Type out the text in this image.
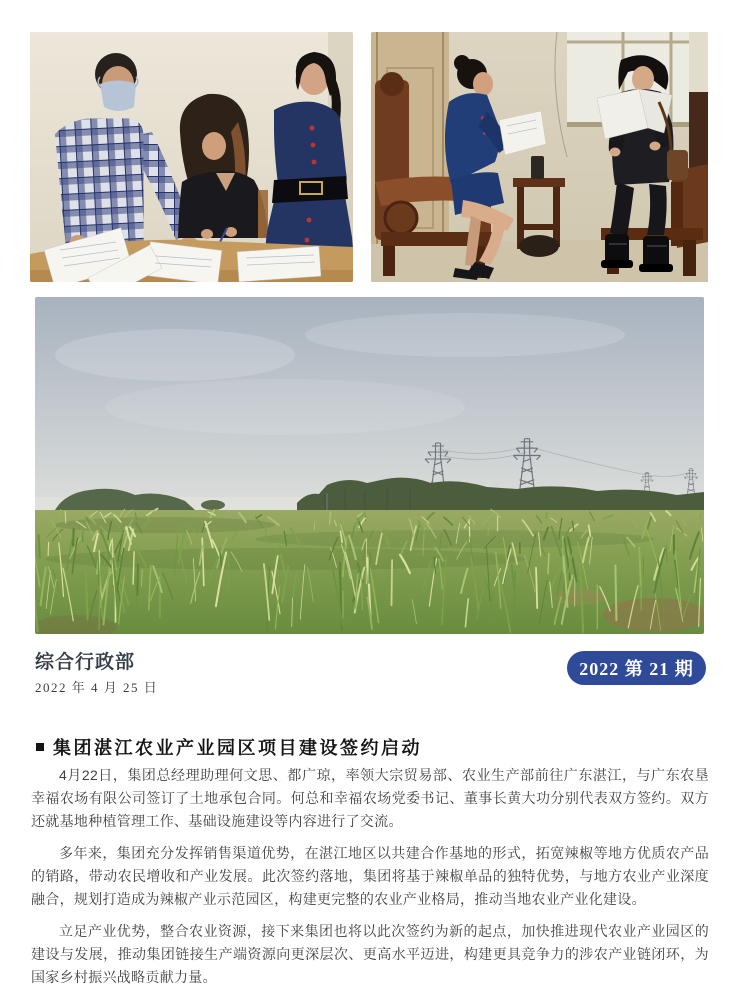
综合行政部
2022 年 4 月 25 日
2022 第 21 期
集团湛江农业产业园区项目建设签约启动

4月22日，集团总经理助理何文思、都广琼，率领大宗贸易部、农业生产部前往广东湛江，与广东农垦幸福农场有限公司签订了土地承包合同。何总和幸福农场党委书记、董事长黄大功分别代表双方签约。双方还就基地种植管理工作、基础设施建设等内容进行了交流。

多年来，集团充分发挥销售渠道优势，在湛江地区以共建合作基地的形式，拓宽辣椒等地方优质农产品的销路，带动农民增收和产业发展。此次签约落地，集团将基于辣椒单品的独特优势，与地方农业产业深度融合，规划打造成为辣椒产业示范园区，构建更完整的农业产业格局，推动当地农业产业化建设。

立足产业优势，整合农业资源，接下来集团也将以此次签约为新的起点，加快推进现代农业产业园区的建设与发展，推动集团链接生产端资源向更深层次、更高水平迈进，构建更具竞争力的涉农产业链闭环，为国家乡村振兴战略贡献力量。
